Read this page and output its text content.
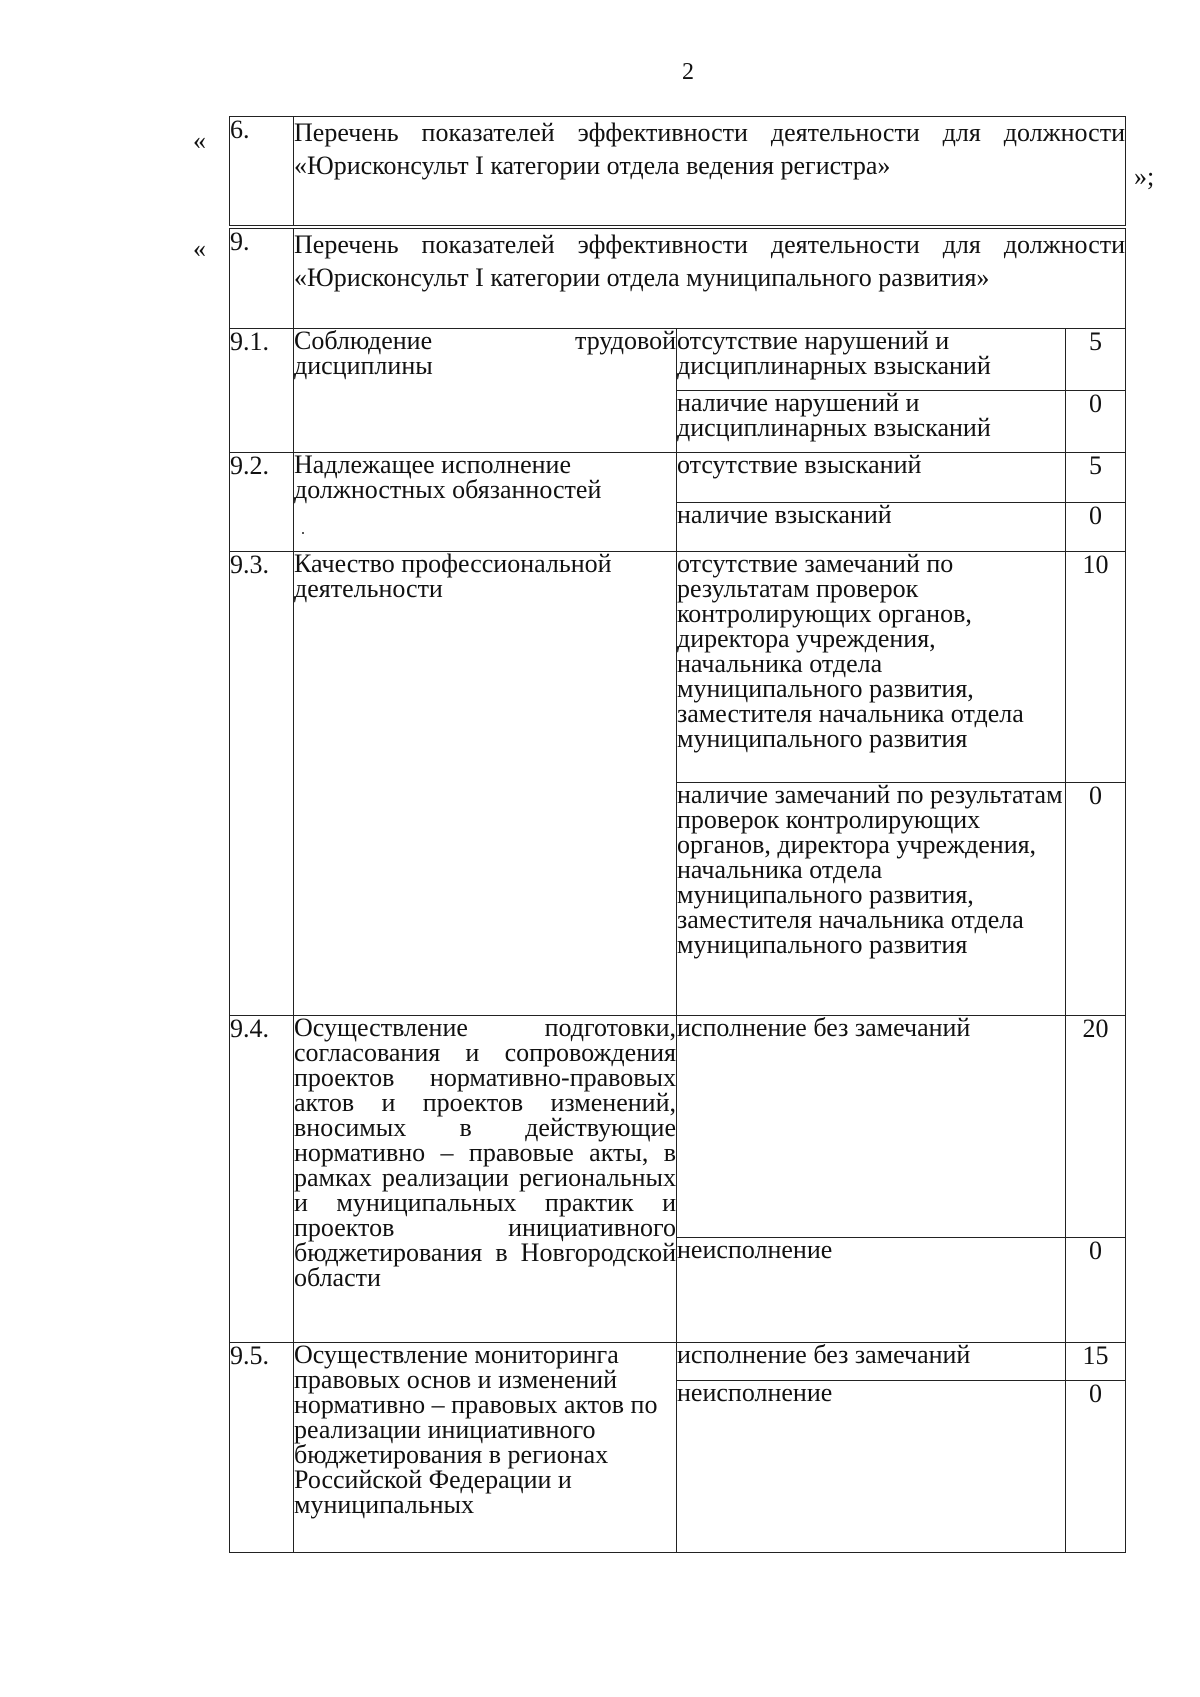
2
«
»;
6.	Перечень показателей эффективности деятельности для должности «Юрисконсульт I категории отдела ведения регистра»
« 9.	Перечень показателей эффективности деятельности для должности «Юрисконсульт I категории отдела муниципального развития»		
9.1.	Соблюдение трудовой дисциплины	отсутствие нарушений и дисциплинарных взысканий	5
		наличие нарушений и дисциплинарных взысканий	0
9.2.	Надлежащее исполнение должностных обязанностей	отсутствие взысканий	5
		наличие взысканий	0
9.3.	Качество профессиональной деятельности	отсутствие замечаний по результатам проверок контролирующих органов, директора учреждения, начальника отдела муниципального развития, заместителя начальника отдела муниципального развития	10
		наличие замечаний по результатам проверок контролирующих органов, директора учреждения, начальника отдела муниципального развития, заместителя начальника отдела муниципального развития	0
9.4.	Осуществление подготовки, согласования и сопровождения проектов нормативно-правовых актов и проектов изменений, вносимых в действующие нормативно – правовые акты, в рамках реализации региональных и муниципальных практик и проектов инициативного бюджетирования в Новгородской области	исполнение без замечаний	20
		неисполнение	0
9.5.	Осуществление мониторинга правовых основ и изменений нормативно – правовых актов по реализации инициативного бюджетирования в регионах Российской Федерации и муниципальных	исполнение без замечаний	15
		неисполнение	0
